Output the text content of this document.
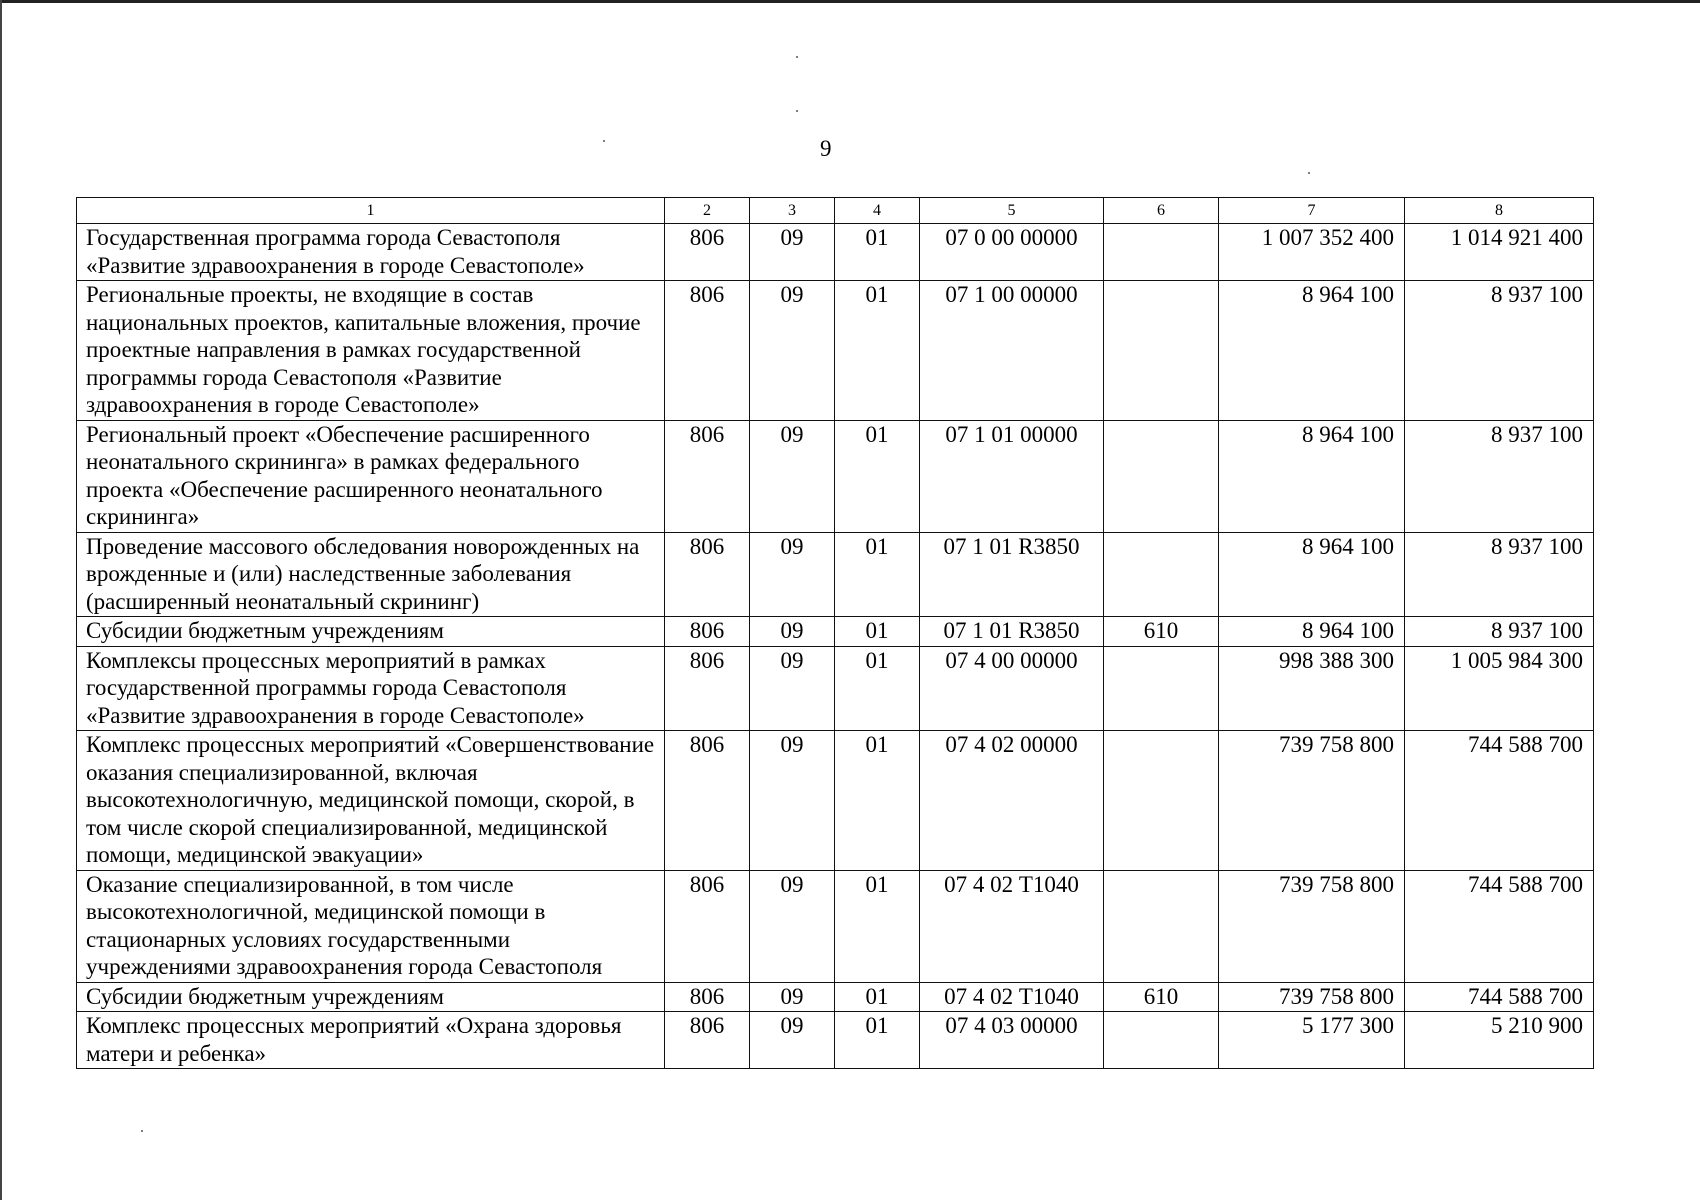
9
1	2	3	4	5	6	7	8
Государственная программа города Севастополя «Развитие здравоохранения в городе Севастополе»	806	09	01	07 0 00 00000		1 007 352 400	1 014 921 400
Региональные проекты, не входящие в состав национальных проектов, капитальные вложения, прочие проектные направления в рамках государственной программы города Севастополя «Развитие здравоохранения в городе Севастополе»	806	09	01	07 1 00 00000		8 964 100	8 937 100
Региональный проект «Обеспечение расширенного неонатального скрининга» в рамках федерального проекта «Обеспечение расширенного неонатального скрининга»	806	09	01	07 1 01 00000		8 964 100	8 937 100
Проведение массового обследования новорожденных на врожденные и (или) наследственные заболевания (расширенный неонатальный скрининг)	806	09	01	07 1 01 R3850		8 964 100	8 937 100
Субсидии бюджетным учреждениям	806	09	01	07 1 01 R3850	610	8 964 100	8 937 100
Комплексы процессных мероприятий в рамках государственной программы города Севастополя «Развитие здравоохранения в городе Севастополе»	806	09	01	07 4 00 00000		998 388 300	1 005 984 300
Комплекс процессных мероприятий «Совершенствование оказания специализированной, включая высокотехнологичную, медицинской помощи, скорой, в том числе скорой специализированной, медицинской помощи, медицинской эвакуации»	806	09	01	07 4 02 00000		739 758 800	744 588 700
Оказание специализированной, в том числе высокотехнологичной, медицинской помощи в стационарных условиях государственными учреждениями здравоохранения города Севастополя	806	09	01	07 4 02 Т1040		739 758 800	744 588 700
Субсидии бюджетным учреждениям	806	09	01	07 4 02 Т1040	610	739 758 800	744 588 700
Комплекс процессных мероприятий «Охрана здоровья матери и ребенка»	806	09	01	07 4 03 00000		5 177 300	5 210 900
